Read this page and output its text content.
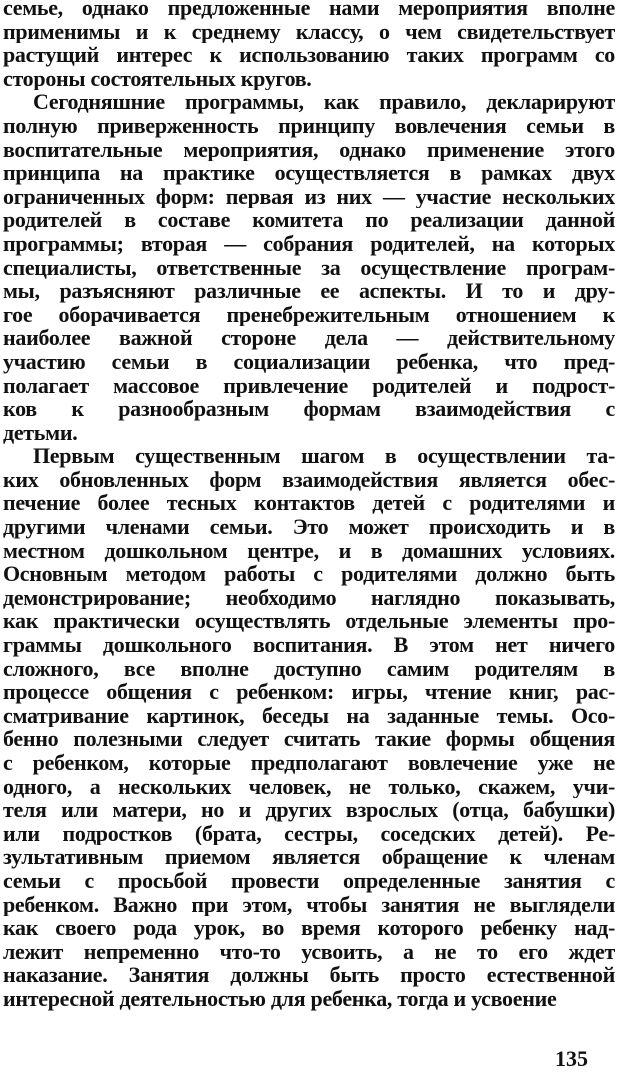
семье, однако предложенные нами мероприятия вполне
применимы и к среднему классу, о чем свидетельствует
растущий интерес к использованию таких программ со
стороны состоятельных кругов.
Сегодняшние программы, как правило, декларируют
полную приверженность принципу вовлечения семьи в
воспитательные мероприятия, однако применение этого
принципа на практике осуществляется в рамках двух
ограниченных форм: первая из них — участие нескольких
родителей в составе комитета по реализации данной
программы; вторая — собрания родителей, на которых
специалисты, ответственные за осуществление програм-
мы, разъясняют различные ее аспекты. И то и дру-
гое оборачивается пренебрежительным отношением к
наиболее важной стороне дела — действительному
участию семьи в социализации ребенка, что пред-
полагает массовое привлечение родителей и подрост-
ков к разнообразным формам взаимодействия с
детьми.
Первым существенным шагом в осуществлении та-
ких обновленных форм взаимодействия является обес-
печение более тесных контактов детей с родителями и
другими членами семьи. Это может происходить и в
местном дошкольном центре, и в домашних условиях.
Основным методом работы с родителями должно быть
демонстрирование; необходимо наглядно показывать,
как практически осуществлять отдельные элементы про-
граммы дошкольного воспитания. В этом нет ничего
сложного, все вполне доступно самим родителям в
процессе общения с ребенком: игры, чтение книг, рас-
сматривание картинок, беседы на заданные темы. Осо-
бенно полезными следует считать такие формы общения
с ребенком, которые предполагают вовлечение уже не
одного, а нескольких человек, не только, скажем, учи-
теля или матери, но и других взрослых (отца, бабушки)
или подростков (брата, сестры, соседских детей). Ре-
зультативным приемом является обращение к членам
семьи с просьбой провести определенные занятия с
ребенком. Важно при этом, чтобы занятия не выглядели
как своего рода урок, во время которого ребенку над-
лежит непременно что-то усвоить, а не то его ждет
наказание. Занятия должны быть просто естественной
интересной деятельностью для ребенка, тогда и усвоение
135
